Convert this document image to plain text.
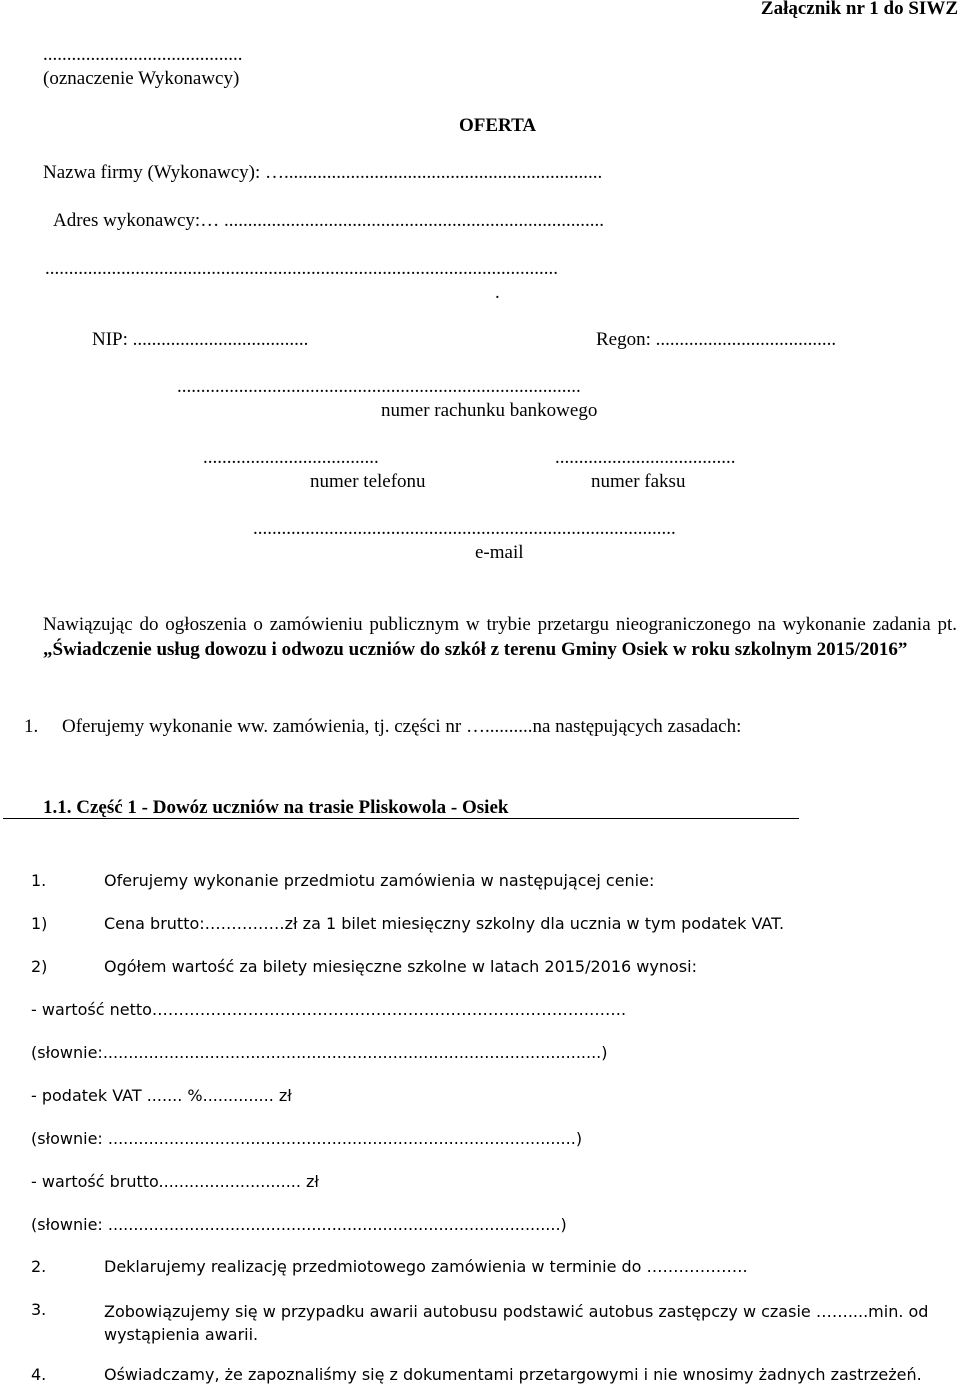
Załącznik nr 1 do SIWZ
..........................................
(oznaczenie Wykonawcy)
OFERTA
Nazwa firmy (Wykonawcy): …...................................................................
Adres wykonawcy:… ................................................................................
............................................................................................................
.
NIP: .....................................	Regon: ......................................
.....................................................................................
numer rachunku bankowego
.....................................
numer telefonu
......................................
numer faksu
.........................................................................................
e-mail
Nawiązując do ogłoszenia o zamówieniu publicznym w trybie przetargu nieograniczonego na wykonanie zadania pt. „Świadczenie usług dowozu i odwozu uczniów do szkół z terenu Gminy Osiek w roku szkolnym 2015/2016”
1.	Oferujemy wykonanie ww. zamówienia, tj. części nr …..........na następujących zasadach:
1.1. Część 1 - Dowóz uczniów na trasie Pliskowola - Osiek
1.	Oferujemy wykonanie przedmiotu zamówienia w następującej cenie:
1)	Cena brutto:……………zł za 1 bilet miesięczny szkolny dla ucznia w tym podatek VAT.
2)	Ogółem wartość za bilety miesięczne szkolne w latach 2015/2016 wynosi:
- wartość netto……………………………………………………………………….…….
(słownie:..................................................................................................)
- podatek VAT ....... %.............. zł
(słownie: ............................................................................................)
- wartość brutto............................ zł
(słownie: .........................................................................................)
2.	Deklarujemy realizację przedmiotowego zamówienia w terminie do ……………….
3.	Zobowiązujemy się w przypadku awarii autobusu podstawić autobus zastępczy w czasie ……....min. od wystąpienia awarii.
4.	Oświadczamy, że zapoznaliśmy się z dokumentami przetargowymi i nie wnosimy żadnych zastrzeżeń.
